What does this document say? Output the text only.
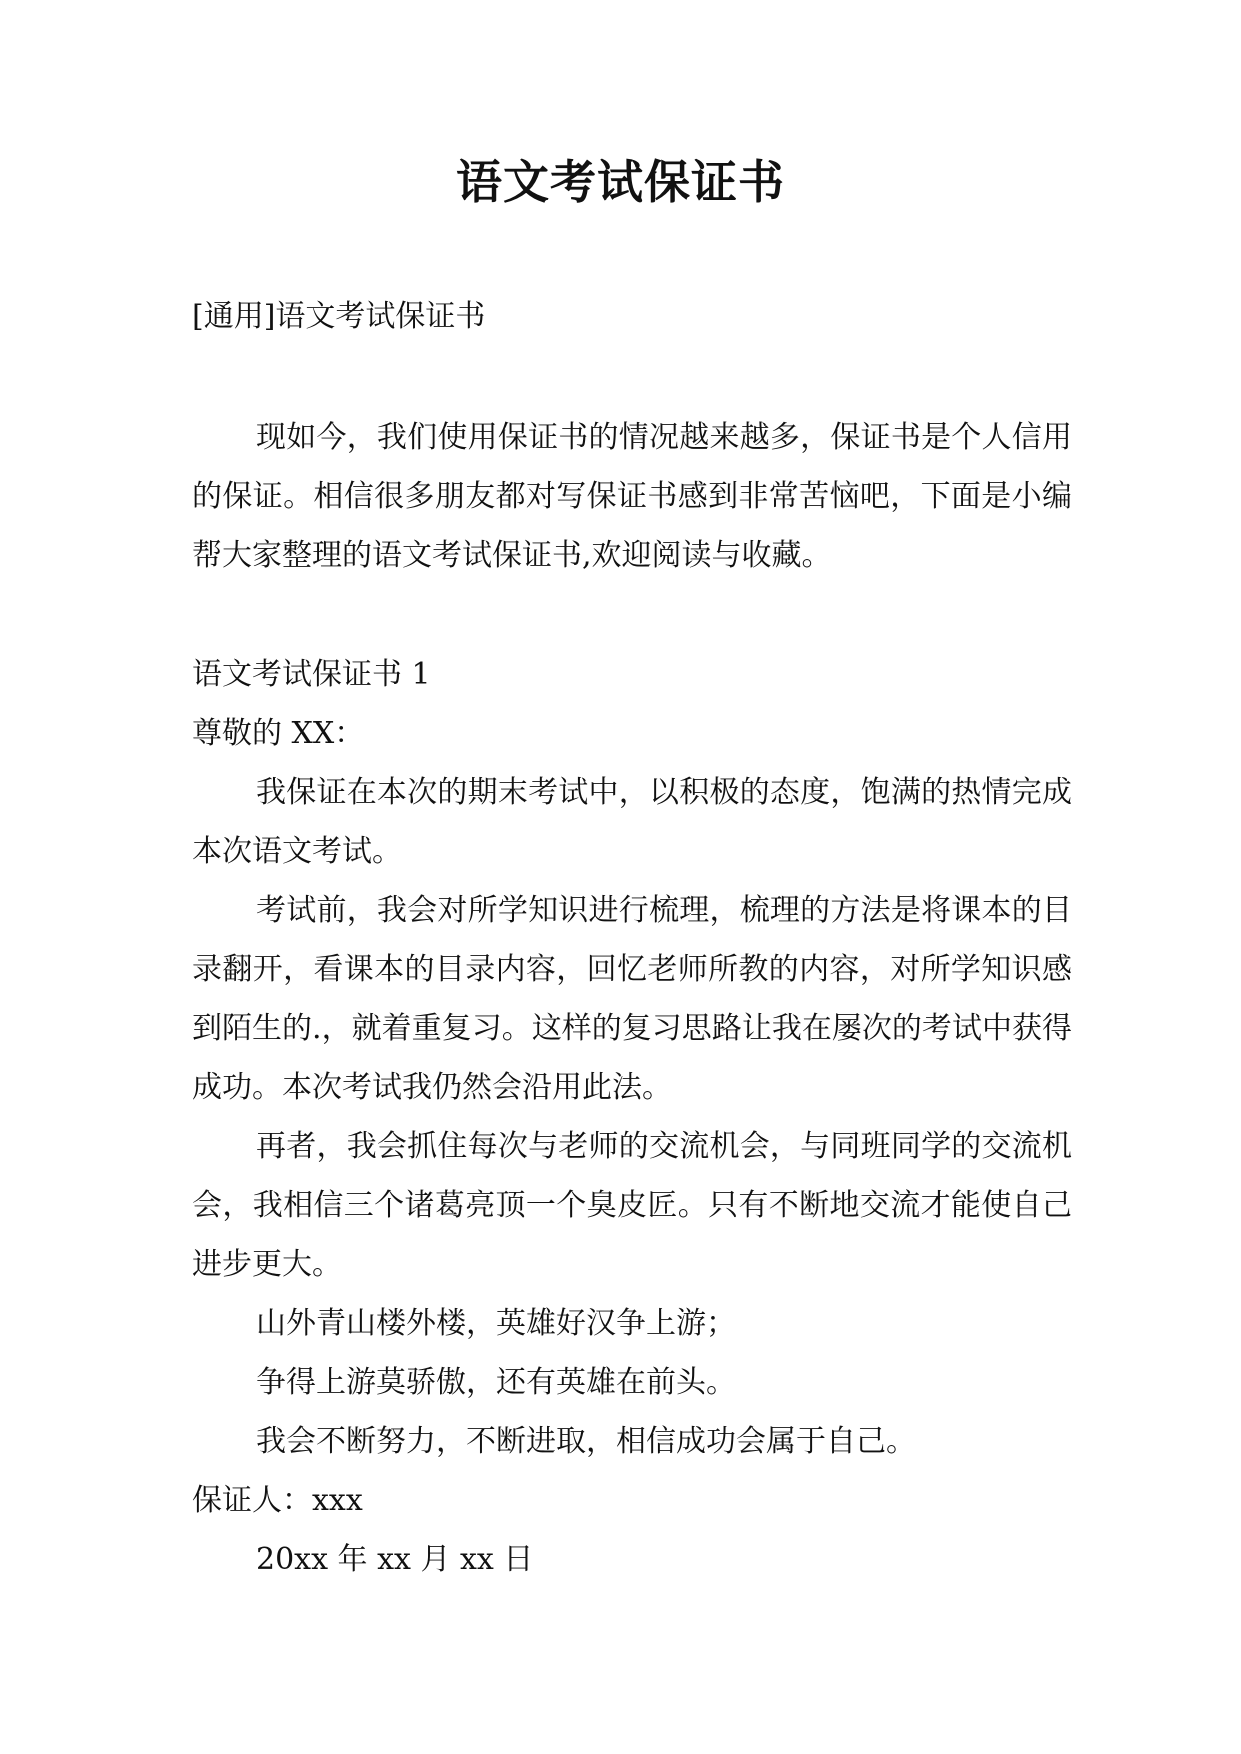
语文考试保证书
[通用]语文考试保证书

现如今，我们使用保证书的情况越来越多，保证书是个人信用的保证。相信很多朋友都对写保证书感到非常苦恼吧，下面是小编帮大家整理的语文考试保证书,欢迎阅读与收藏。

语文考试保证书 1

尊敬的 XX：

我保证在本次的期末考试中，以积极的态度，饱满的热情完成本次语文考试。

考试前，我会对所学知识进行梳理，梳理的方法是将课本的目录翻开，看课本的目录内容，回忆老师所教的内容，对所学知识感到陌生的.，就着重复习。这样的复习思路让我在屡次的考试中获得成功。本次考试我仍然会沿用此法。

再者，我会抓住每次与老师的交流机会，与同班同学的交流机会，我相信三个诸葛亮顶一个臭皮匠。只有不断地交流才能使自己进步更大。

山外青山楼外楼，英雄好汉争上游；

争得上游莫骄傲，还有英雄在前头。

我会不断努力，不断进取，相信成功会属于自己。

保证人：xxx

20xx 年 xx 月 xx 日
